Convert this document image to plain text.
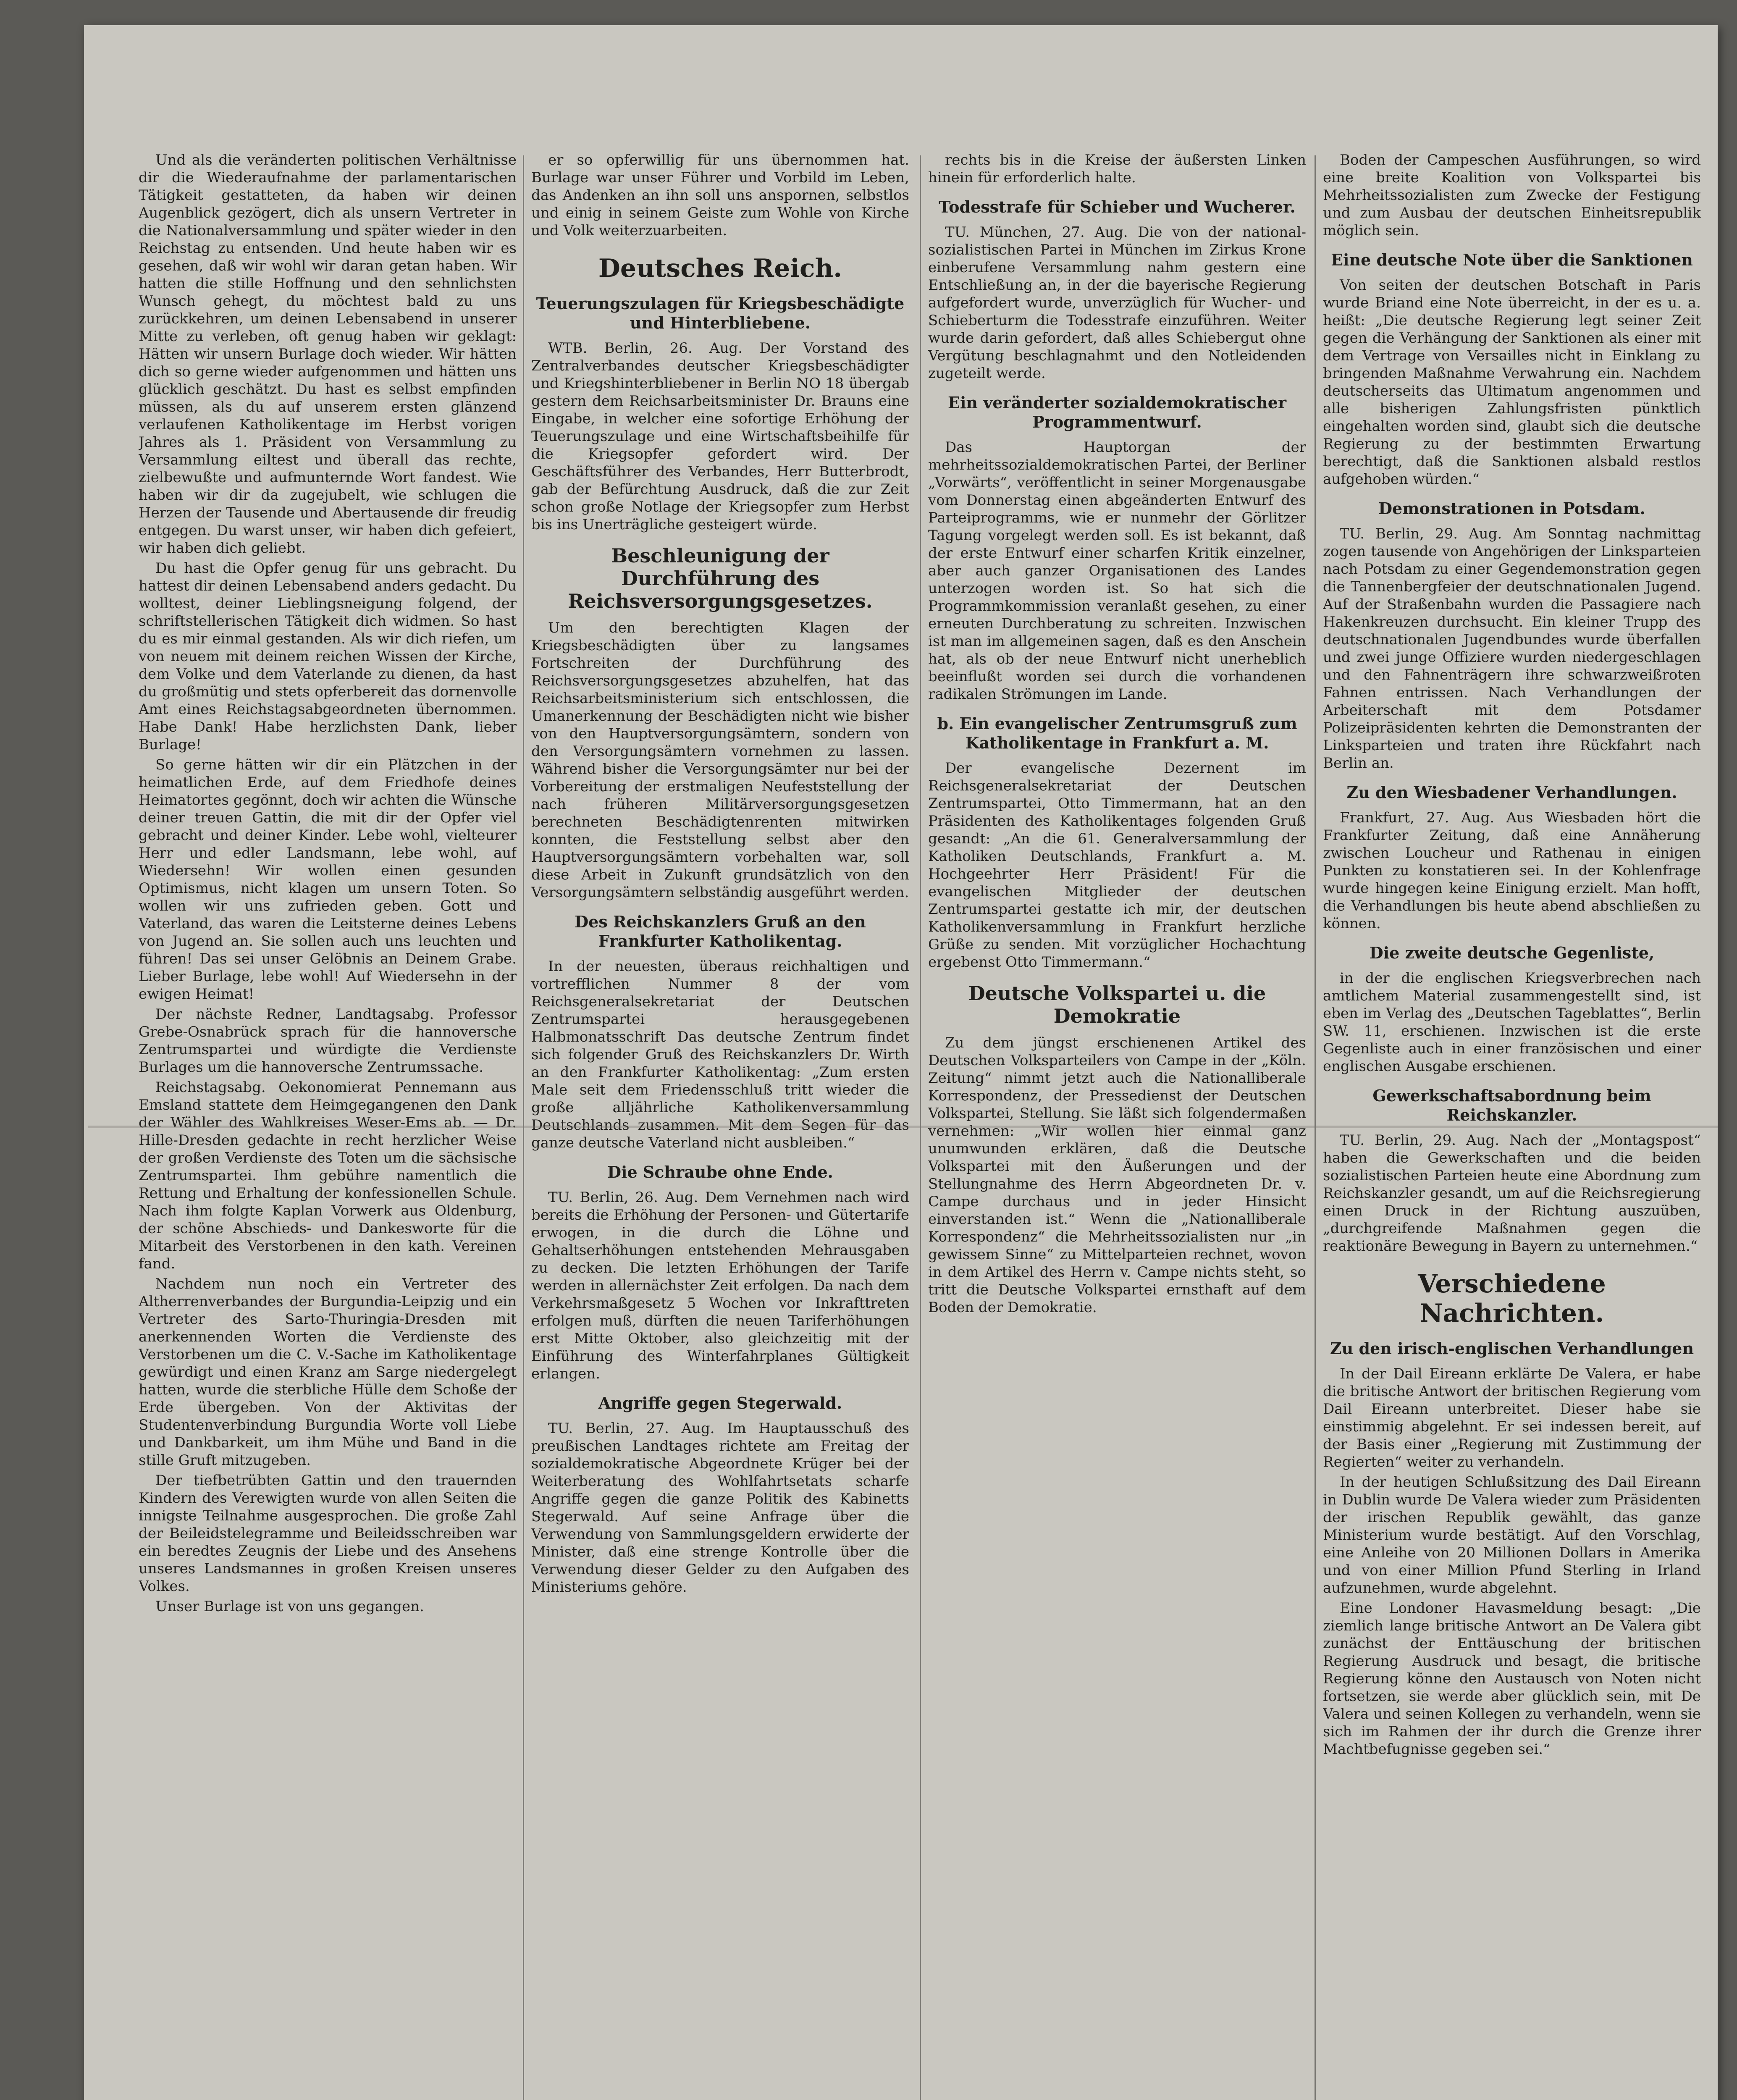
Und als die veränderten politischen Verhältnisse dir die Wiederaufnahme der parlamentarischen Tätigkeit gestatteten, da haben wir deinen Augenblick gezögert, dich als unsern Vertreter in die Nationalversammlung und später wieder in den Reichstag zu entsenden. Und heute haben wir es gesehen, daß wir wohl wir daran getan haben. Wir hatten die stille Hoffnung und den sehnlichsten Wunsch gehegt, du möchtest bald zu uns zurückkehren, um deinen Lebensabend in unserer Mitte zu verleben, oft genug haben wir geklagt: Hätten wir unsern Burlage doch wieder. Wir hätten dich so gerne wieder aufgenommen und hätten uns glücklich geschätzt. Du hast es selbst empfinden müssen, als du auf unserem ersten glänzend verlaufenen Katholikentage im Herbst vorigen Jahres als 1. Präsident von Versammlung zu Versammlung eiltest und überall das rechte, zielbewußte und aufmunternde Wort fandest. Wie haben wir dir da zugejubelt, wie schlugen die Herzen der Tausende und Abertausende dir freudig entgegen. Du warst unser, wir haben dich gefeiert, wir haben dich geliebt.
Du hast die Opfer genug für uns gebracht. Du hattest dir deinen Lebensabend anders gedacht. Du wolltest, deiner Lieblingsneigung folgend, der schriftstellerischen Tätigkeit dich widmen. So hast du es mir einmal gestanden. Als wir dich riefen, um von neuem mit deinem reichen Wissen der Kirche, dem Volke und dem Vaterlande zu dienen, da hast du großmütig und stets opferbereit das dornenvolle Amt eines Reichstagsabgeordneten übernommen. Habe Dank! Habe herzlichsten Dank, lieber Burlage!
So gerne hätten wir dir ein Plätzchen in der heimatlichen Erde, auf dem Friedhofe deines Heimatortes gegönnt, doch wir achten die Wünsche deiner treuen Gattin, die mit dir der Opfer viel gebracht und deiner Kinder. Lebe wohl, vielteurer Herr und edler Landsmann, lebe wohl, auf Wiedersehn! Wir wollen einen gesunden Optimismus, nicht klagen um unsern Toten. So wollen wir uns zufrieden geben. Gott und Vaterland, das waren die Leitsterne deines Lebens von Jugend an. Sie sollen auch uns leuchten und führen! Das sei unser Gelöbnis an Deinem Grabe. Lieber Burlage, lebe wohl! Auf Wiedersehn in der ewigen Heimat!
Der nächste Redner, Landtagsabg. Professor Grebe-Osnabrück sprach für die hannoversche Zentrumspartei und würdigte die Verdienste Burlages um die hannoversche Zentrumssache.
Reichstagsabg. Oekonomierat Pennemann aus Emsland stattete dem Heimgegangenen den Dank der Wähler des Wahlkreises Weser-Ems ab. — Dr. Hille-Dresden gedachte in recht herzlicher Weise der großen Verdienste des Toten um die sächsische Zentrumspartei. Ihm gebühre namentlich die Rettung und Erhaltung der konfessionellen Schule. Nach ihm folgte Kaplan Vorwerk aus Oldenburg, der schöne Abschieds- und Dankesworte für die Mitarbeit des Verstorbenen in den kath. Vereinen fand.
Nachdem nun noch ein Vertreter des Altherrenverbandes der Burgundia-Leipzig und ein Vertreter des Sarto-Thuringia-Dresden mit anerkennenden Worten die Verdienste des Verstorbenen um die C. V.-Sache im Katholikentage gewürdigt und einen Kranz am Sarge niedergelegt hatten, wurde die sterbliche Hülle dem Schoße der Erde übergeben. Von der Aktivitas der Studentenverbindung Burgundia Worte voll Liebe und Dankbarkeit, um ihm Mühe und Band in die stille Gruft mitzugeben.
Der tiefbetrübten Gattin und den trauernden Kindern des Verewigten wurde von allen Seiten die innigste Teilnahme ausgesprochen. Die große Zahl der Beileidstelegramme und Beileidsschreiben war ein beredtes Zeugnis der Liebe und des Ansehens unseres Landsmannes in großen Kreisen unseres Volkes.
Unser Burlage ist von uns gegangen.
er so opferwillig für uns übernommen hat. Burlage war unser Führer und Vorbild im Leben, das Andenken an ihn soll uns anspornen, selbstlos und einig in seinem Geiste zum Wohle von Kirche und Volk weiterzuarbeiten.
Deutsches Reich.
Teuerungszulagen für Kriegsbeschädigte und Hinterbliebene.
WTB. Berlin, 26. Aug. Der Vorstand des Zentralverbandes deutscher Kriegsbeschädigter und Kriegshinterbliebener in Berlin NO 18 übergab gestern dem Reichsarbeitsminister Dr. Brauns eine Eingabe, in welcher eine sofortige Erhöhung der Teuerungszulage und eine Wirtschaftsbeihilfe für die Kriegsopfer gefordert wird. Der Geschäftsführer des Verbandes, Herr Butterbrodt, gab der Befürchtung Ausdruck, daß die zur Zeit schon große Notlage der Kriegsopfer zum Herbst bis ins Unerträgliche gesteigert würde.
Beschleunigung der Durchführung des Reichsversorgungsgesetzes.
Um den berechtigten Klagen der Kriegsbeschädigten über zu langsames Fortschreiten der Durchführung des Reichsversorgungsgesetzes abzuhelfen, hat das Reichsarbeitsministerium sich entschlossen, die Umanerkennung der Beschädigten nicht wie bisher von den Hauptversorgungsämtern, sondern von den Versorgungsämtern vornehmen zu lassen. Während bisher die Versorgungsämter nur bei der Vorbereitung der erstmaligen Neufeststellung der nach früheren Militärversorgungsgesetzen berechneten Beschädigtenrenten mitwirken konnten, die Feststellung selbst aber den Hauptversorgungsämtern vorbehalten war, soll diese Arbeit in Zukunft grundsätzlich von den Versorgungsämtern selbständig ausgeführt werden.
Des Reichskanzlers Gruß an den Frankfurter Katholikentag.
In der neuesten, überaus reichhaltigen und vortrefflichen Nummer 8 der vom Reichsgeneralsekretariat der Deutschen Zentrumspartei herausgegebenen Halbmonatsschrift Das deutsche Zentrum findet sich folgender Gruß des Reichskanzlers Dr. Wirth an den Frankfurter Katholikentag: „Zum ersten Male seit dem Friedensschluß tritt wieder die große alljährliche Katholikenversammlung Deutschlands zusammen. Mit dem Segen für das ganze deutsche Vaterland nicht ausbleiben.“
Die Schraube ohne Ende.
TU. Berlin, 26. Aug. Dem Vernehmen nach wird bereits die Erhöhung der Personen- und Gütertarife erwogen, in die durch die Löhne und Gehaltserhöhungen entstehenden Mehrausgaben zu decken. Die letzten Erhöhungen der Tarife werden in allernächster Zeit erfolgen. Da nach dem Verkehrsmaßgesetz 5 Wochen vor Inkrafttreten erfolgen muß, dürften die neuen Tariferhöhungen erst Mitte Oktober, also gleichzeitig mit der Einführung des Winterfahrplanes Gültigkeit erlangen.
Angriffe gegen Stegerwald.
TU. Berlin, 27. Aug. Im Hauptausschuß des preußischen Landtages richtete am Freitag der sozialdemokratische Abgeordnete Krüger bei der Weiterberatung des Wohlfahrtsetats scharfe Angriffe gegen die ganze Politik des Kabinetts Stegerwald. Auf seine Anfrage über die Verwendung von Sammlungsgeldern erwiderte der Minister, daß eine strenge Kontrolle über die Verwendung dieser Gelder zu den Aufgaben des Ministeriums gehöre.
rechts bis in die Kreise der äußersten Linken hinein für erforderlich halte.
Todesstrafe für Schieber und Wucherer.
TU. München, 27. Aug. Die von der national-sozialistischen Partei in München im Zirkus Krone einberufene Versammlung nahm gestern eine Entschließung an, in der die bayerische Regierung aufgefordert wurde, unverzüglich für Wucher- und Schieberturm die Todesstrafe einzuführen. Weiter wurde darin gefordert, daß alles Schiebergut ohne Vergütung beschlagnahmt und den Notleidenden zugeteilt werde.
Ein veränderter sozialdemokratischer Programmentwurf.
Das Hauptorgan der mehrheitssozialdemokratischen Partei, der Berliner „Vorwärts“, veröffentlicht in seiner Morgenausgabe vom Donnerstag einen abgeänderten Entwurf des Parteiprogramms, wie er nunmehr der Görlitzer Tagung vorgelegt werden soll. Es ist bekannt, daß der erste Entwurf einer scharfen Kritik einzelner, aber auch ganzer Organisationen des Landes unterzogen worden ist. So hat sich die Programmkommission veranlaßt gesehen, zu einer erneuten Durchberatung zu schreiten. Inzwischen ist man im allgemeinen sagen, daß es den Anschein hat, als ob der neue Entwurf nicht unerheblich beeinflußt worden sei durch die vorhandenen radikalen Strömungen im Lande.
b. Ein evangelischer Zentrumsgruß zum Katholikentage in Frankfurt a. M.
Der evangelische Dezernent im Reichsgeneralsekretariat der Deutschen Zentrumspartei, Otto Timmermann, hat an den Präsidenten des Katholikentages folgenden Gruß gesandt: „An die 61. Generalversammlung der Katholiken Deutschlands, Frankfurt a. M. Hochgeehrter Herr Präsident! Für die evangelischen Mitglieder der deutschen Zentrumspartei gestatte ich mir, der deutschen Katholikenversammlung in Frankfurt herzliche Grüße zu senden. Mit vorzüglicher Hochachtung ergebenst Otto Timmermann.“
Deutsche Volkspartei u. die Demokratie
Zu dem jüngst erschienenen Artikel des Deutschen Volksparteilers von Campe in der „Köln. Zeitung“ nimmt jetzt auch die Nationalliberale Korrespondenz, der Pressedienst der Deutschen Volkspartei, Stellung. Sie läßt sich folgendermaßen vernehmen: „Wir wollen hier einmal ganz unumwunden erklären, daß die Deutsche Volkspartei mit den Äußerungen und der Stellungnahme des Herrn Abgeordneten Dr. v. Campe durchaus und in jeder Hinsicht einverstanden ist.“ Wenn die „Nationalliberale Korrespondenz“ die Mehrheitssozialisten nur „in gewissem Sinne“ zu Mittelparteien rechnet, wovon in dem Artikel des Herrn v. Campe nichts steht, so tritt die Deutsche Volkspartei ernsthaft auf dem Boden der Demokratie.
Boden der Campeschen Ausführungen, so wird eine breite Koalition von Volkspartei bis Mehrheitssozialisten zum Zwecke der Festigung und zum Ausbau der deutschen Einheitsrepublik möglich sein.
Eine deutsche Note über die Sanktionen
Von seiten der deutschen Botschaft in Paris wurde Briand eine Note überreicht, in der es u. a. heißt: „Die deutsche Regierung legt seiner Zeit gegen die Verhängung der Sanktionen als einer mit dem Vertrage von Versailles nicht in Einklang zu bringenden Maßnahme Verwahrung ein. Nachdem deutscherseits das Ultimatum angenommen und alle bisherigen Zahlungsfristen pünktlich eingehalten worden sind, glaubt sich die deutsche Regierung zu der bestimmten Erwartung berechtigt, daß die Sanktionen alsbald restlos aufgehoben würden.“
Demonstrationen in Potsdam.
TU. Berlin, 29. Aug. Am Sonntag nachmittag zogen tausende von Angehörigen der Linksparteien nach Potsdam zu einer Gegendemonstration gegen die Tannenbergfeier der deutschnationalen Jugend. Auf der Straßenbahn wurden die Passagiere nach Hakenkreuzen durchsucht. Ein kleiner Trupp des deutschnationalen Jugendbundes wurde überfallen und zwei junge Offiziere wurden niedergeschlagen und den Fahnenträgern ihre schwarzweißroten Fahnen entrissen. Nach Verhandlungen der Arbeiterschaft mit dem Potsdamer Polizeipräsidenten kehrten die Demonstranten der Linksparteien und traten ihre Rückfahrt nach Berlin an.
Zu den Wiesbadener Verhandlungen.
Frankfurt, 27. Aug. Aus Wiesbaden hört die Frankfurter Zeitung, daß eine Annäherung zwischen Loucheur und Rathenau in einigen Punkten zu konstatieren sei. In der Kohlenfrage wurde hingegen keine Einigung erzielt. Man hofft, die Verhandlungen bis heute abend abschließen zu können.
Die zweite deutsche Gegenliste,
in der die englischen Kriegsverbrechen nach amtlichem Material zusammengestellt sind, ist eben im Verlag des „Deutschen Tageblattes“, Berlin SW. 11, erschienen. Inzwischen ist die erste Gegenliste auch in einer französischen und einer englischen Ausgabe erschienen.
Gewerkschaftsabordnung beim Reichskanzler.
TU. Berlin, 29. Aug. Nach der „Montagspost“ haben die Gewerkschaften und die beiden sozialistischen Parteien heute eine Abordnung zum Reichskanzler gesandt, um auf die Reichsregierung einen Druck in der Richtung auszuüben, „durchgreifende Maßnahmen gegen die reaktionäre Bewegung in Bayern zu unternehmen.“
Verschiedene Nachrichten.
Zu den irisch-englischen Verhandlungen
In der Dail Eireann erklärte De Valera, er habe die britische Antwort der britischen Regierung vom Dail Eireann unterbreitet. Dieser habe sie einstimmig abgelehnt. Er sei indessen bereit, auf der Basis einer „Regierung mit Zustimmung der Regierten“ weiter zu verhandeln.
In der heutigen Schlußsitzung des Dail Eireann in Dublin wurde De Valera wieder zum Präsidenten der irischen Republik gewählt, das ganze Ministerium wurde bestätigt. Auf den Vorschlag, eine Anleihe von 20 Millionen Dollars in Amerika und von einer Million Pfund Sterling in Irland aufzunehmen, wurde abgelehnt.
Eine Londoner Havasmeldung besagt: „Die ziemlich lange britische Antwort an De Valera gibt zunächst der Enttäuschung der britischen Regierung Ausdruck und besagt, die britische Regierung könne den Austausch von Noten nicht fortsetzen, sie werde aber glücklich sein, mit De Valera und seinen Kollegen zu verhandeln, wenn sie sich im Rahmen der ihr durch die Grenze ihrer Machtbefugnisse gegeben sei.“
